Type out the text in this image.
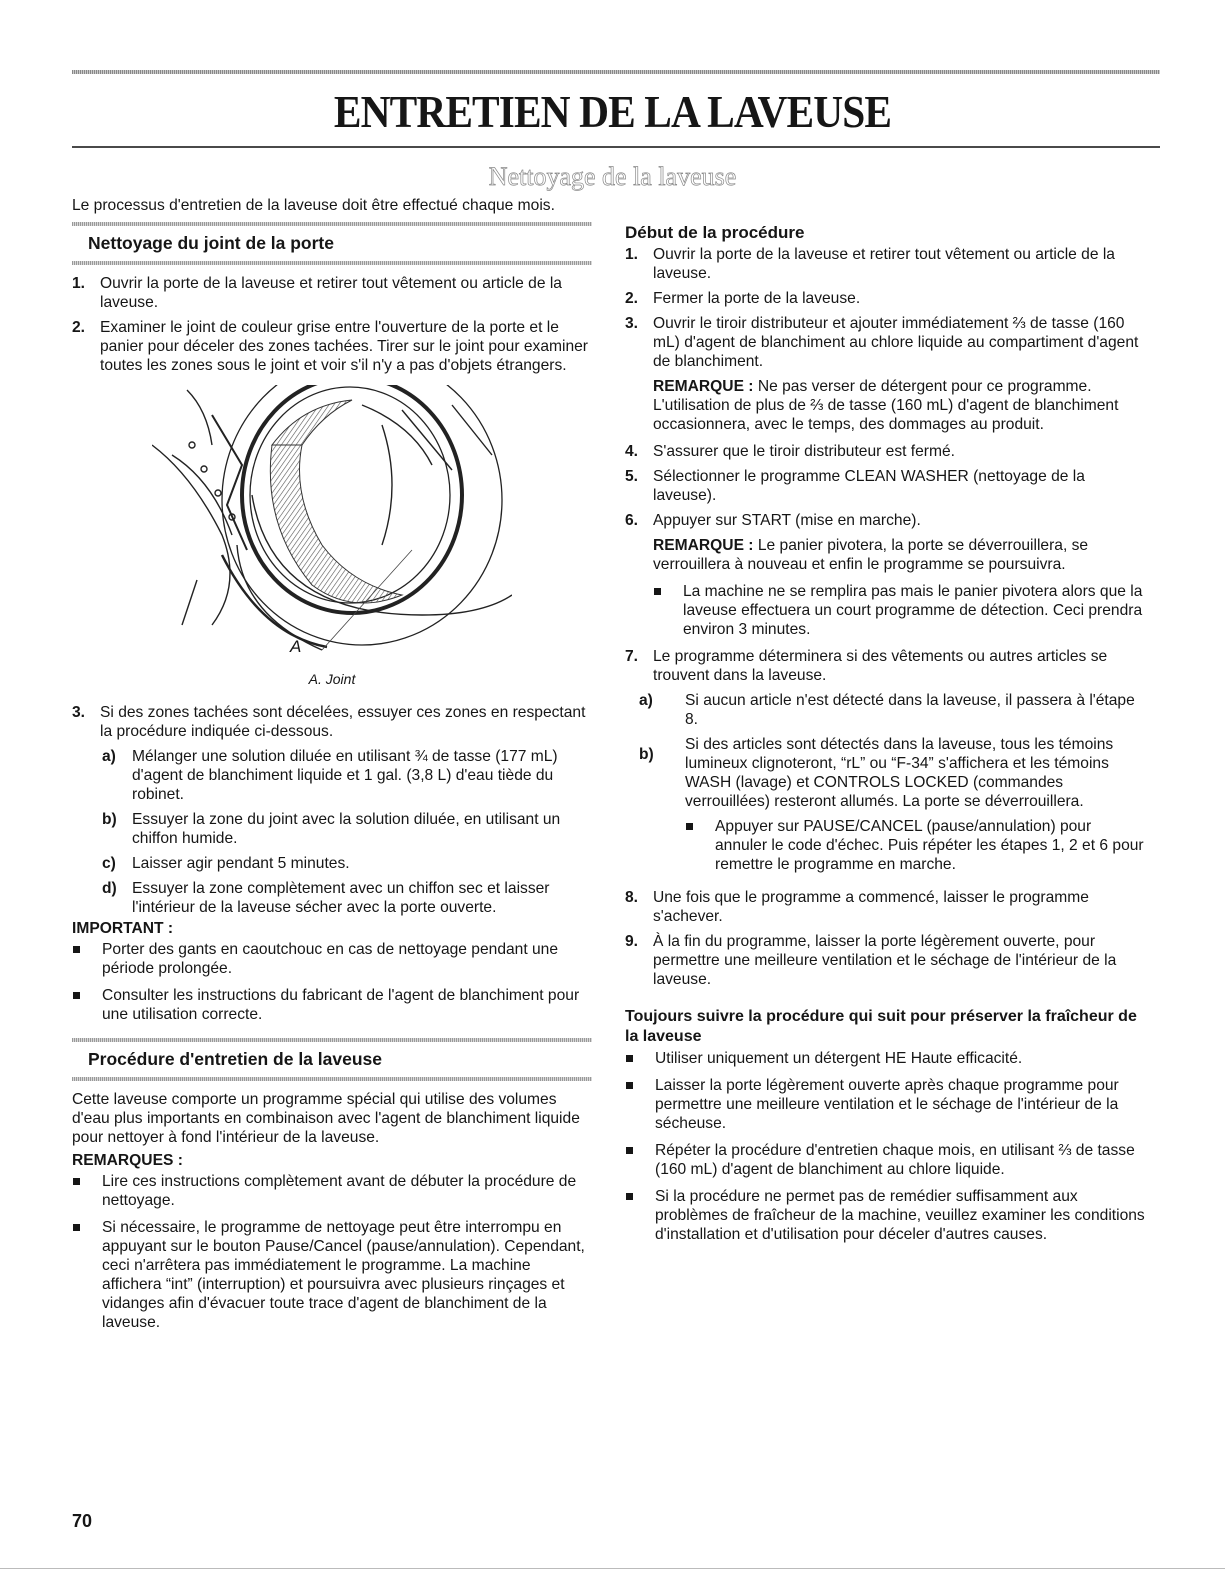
ENTRETIEN DE LA LAVEUSE
Nettoyage de la laveuse
Le processus d'entretien de la laveuse doit être effectué chaque mois.
Nettoyage du joint de la porte
1. Ouvrir la porte de la laveuse et retirer tout vêtement ou article de la laveuse.
2. Examiner le joint de couleur grise entre l'ouverture de la porte et le panier pour déceler des zones tachées. Tirer sur le joint pour examiner toutes les zones sous le joint et voir s'il n'y a pas d'objets étrangers.
A
A. Joint
3. Si des zones tachées sont décelées, essuyer ces zones en respectant la procédure indiquée ci-dessous.
a) Mélanger une solution diluée en utilisant ¾ de tasse (177 mL) d'agent de blanchiment liquide et 1 gal. (3,8 L) d'eau tiède du robinet.
b) Essuyer la zone du joint avec la solution diluée, en utilisant un chiffon humide.
c) Laisser agir pendant 5 minutes.
d) Essuyer la zone complètement avec un chiffon sec et laisser l'intérieur de la laveuse sécher avec la porte ouverte.
IMPORTANT :
Porter des gants en caoutchouc en cas de nettoyage pendant une période prolongée.
Consulter les instructions du fabricant de l'agent de blanchiment pour une utilisation correcte.
Procédure d'entretien de la laveuse

Cette laveuse comporte un programme spécial qui utilise des volumes d'eau plus importants en combinaison avec l'agent de blanchiment liquide pour nettoyer à fond l'intérieur de la laveuse.

REMARQUES :
Lire ces instructions complètement avant de débuter la procédure de nettoyage.
Si nécessaire, le programme de nettoyage peut être interrompu en appuyant sur le bouton Pause/Cancel (pause/annulation). Cependant, ceci n'arrêtera pas immédiatement le programme. La machine affichera “int” (interruption) et poursuivra avec plusieurs rinçages et vidanges afin d'évacuer toute trace d'agent de blanchiment de la laveuse.
Début de la procédure
1. Ouvrir la porte de la laveuse et retirer tout vêtement ou article de la laveuse.
2. Fermer la porte de la laveuse.
3. Ouvrir le tiroir distributeur et ajouter immédiatement ⅔ de tasse (160 mL) d'agent de blanchiment au chlore liquide au compartiment d'agent de blanchiment.
REMARQUE : Ne pas verser de détergent pour ce programme. L'utilisation de plus de ⅔ de tasse (160 mL) d'agent de blanchiment occasionnera, avec le temps, des dommages au produit.
4. S'assurer que le tiroir distributeur est fermé.
5. Sélectionner le programme CLEAN WASHER (nettoyage de la laveuse).
6. Appuyer sur START (mise en marche).
REMARQUE : Le panier pivotera, la porte se déverrouillera, se verrouillera à nouveau et enfin le programme se poursuivra.
La machine ne se remplira pas mais le panier pivotera alors que la laveuse effectuera un court programme de détection. Ceci prendra environ 3 minutes.
7. Le programme déterminera si des vêtements ou autres articles se trouvent dans la laveuse.
a) Si aucun article n'est détecté dans la laveuse, il passera à l'étape 8.
b)
Si des articles sont détectés dans la laveuse, tous les témoins lumineux clignoteront, “rL” ou “F-34” s'affichera et les témoins WASH (lavage) et CONTROLS LOCKED (commandes verrouillées) resteront allumés. La porte se déverrouillera.
Appuyer sur PAUSE/CANCEL (pause/annulation) pour annuler le code d'échec. Puis répéter les étapes 1, 2 et 6 pour remettre le programme en marche.
8. Une fois que le programme a commencé, laisser le programme s'achever.
9. À la fin du programme, laisser la porte légèrement ouverte, pour permettre une meilleure ventilation et le séchage de l'intérieur de la laveuse.
Toujours suivre la procédure qui suit pour préserver la fraîcheur de la laveuse
Utiliser uniquement un détergent HE Haute efficacité.
Laisser la porte légèrement ouverte après chaque programme pour permettre une meilleure ventilation et le séchage de l'intérieur de la sécheuse.
Répéter la procédure d'entretien chaque mois, en utilisant ⅔ de tasse (160 mL) d'agent de blanchiment au chlore liquide.
Si la procédure ne permet pas de remédier suffisamment aux problèmes de fraîcheur de la machine, veuillez examiner les conditions d'installation et d'utilisation pour déceler d'autres causes.
70
